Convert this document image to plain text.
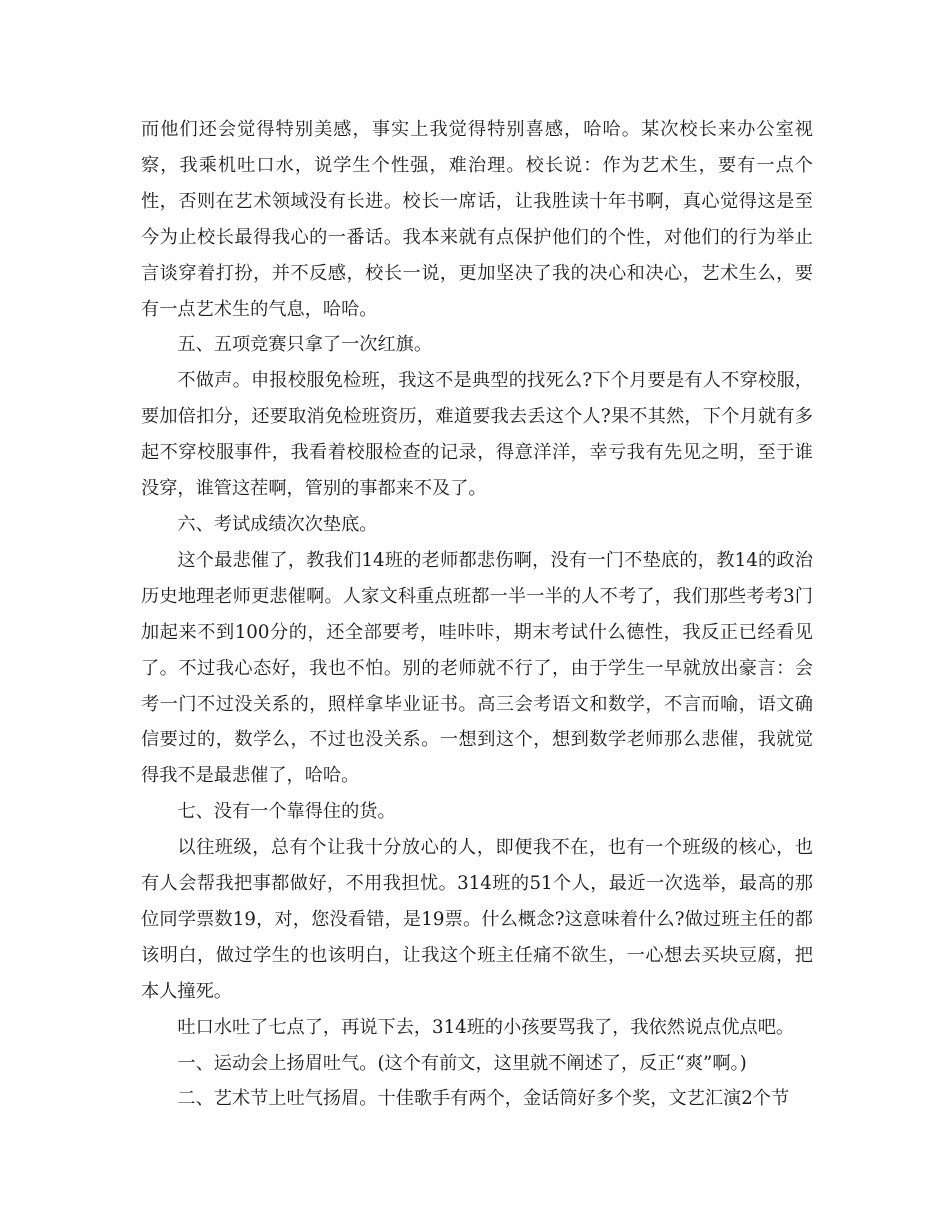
而他们还会觉得特别美感，事实上我觉得特别喜感，哈哈。某次校长来办公室视察，我乘机吐口水，说学生个性强，难治理。校长说：作为艺术生，要有一点个性，否则在艺术领域没有长进。校长一席话，让我胜读十年书啊，真心觉得这是至今为止校长最得我心的一番话。我本来就有点保护他们的个性，对他们的行为举止言谈穿着打扮，并不反感，校长一说，更加坚决了我的决心和决心，艺术生么，要有一点艺术生的气息，哈哈。

五、五项竞赛只拿了一次红旗。

不做声。申报校服免检班，我这不是典型的找死么?下个月要是有人不穿校服，要加倍扣分，还要取消免检班资历，难道要我去丢这个人?果不其然，下个月就有多起不穿校服事件，我看着校服检查的记录，得意洋洋，幸亏我有先见之明，至于谁没穿，谁管这茬啊，管别的事都来不及了。

六、考试成绩次次垫底。

这个最悲催了，教我们14班的老师都悲伤啊，没有一门不垫底的，教14的政治历史地理老师更悲催啊。人家文科重点班都一半一半的人不考了，我们那些考考3门加起来不到100分的，还全部要考，哇咔咔，期末考试什么德性，我反正已经看见了。不过我心态好，我也不怕。别的老师就不行了，由于学生一早就放出豪言：会考一门不过没关系的，照样拿毕业证书。高三会考语文和数学，不言而喻，语文确信要过的，数学么，不过也没关系。一想到这个，想到数学老师那么悲催，我就觉得我不是最悲催了，哈哈。

七、没有一个靠得住的货。

以往班级，总有个让我十分放心的人，即便我不在，也有一个班级的核心，也有人会帮我把事都做好，不用我担忧。314班的51个人，最近一次选举，最高的那位同学票数19，对，您没看错，是19票。什么概念?这意味着什么?做过班主任的都该明白，做过学生的也该明白，让我这个班主任痛不欲生，一心想去买块豆腐，把本人撞死。

吐口水吐了七点了，再说下去，314班的小孩要骂我了，我依然说点优点吧。

一、运动会上扬眉吐气。(这个有前文，这里就不阐述了，反正“爽”啊。)

二、艺术节上吐气扬眉。十佳歌手有两个，金话筒好多个奖，文艺汇演2个节
